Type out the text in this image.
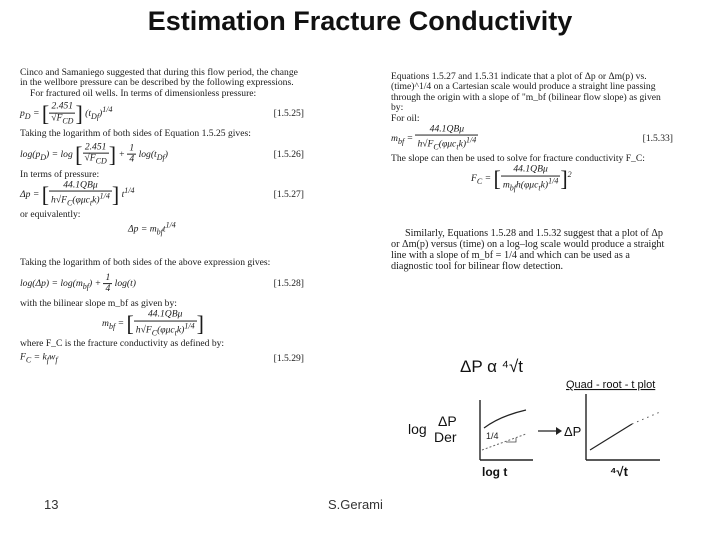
Estimation Fracture Conductivity
Cinco and Samaniego suggested that during this flow period, the change in the wellbore pressure can be described by the following expressions.
For fractured oil wells. In terms of dimensionless pressure:
$p_D$ = [ $\frac{2.451}{√F_{CD}}$ ] $(t_{Df})^{1/4}$	[1.5.25]
Taking the logarithm of both sides of Equation 1.5.25 gives:
$\log(p_D) = \log$ [ $\frac{2.451}{√F_{CD}}$ ] + $\frac{1}{4} \log(t_{Df})$	[1.5.26]
In terms of pressure:
Δp = [ $\frac{\text{44.1QBμ}}{h√F_C(\varphi\mu c_tk)^{1/4}}$ ] $t^{1/4}$	[1.5.27]
or equivalently:
$\Delta p = m_{bf}t^{1/4}$
Taking the logarithm of both sides of the above expression gives:
$\log(\Delta p) = \log(m_{bf}) + \frac{1}{4} \log(t)$	[1.5.28]
with the bilinear slope m_bf as given by:
$m_{bf}$ = [ $\frac{\text{44.1QBμ}}{h√F_C(\varphi\mu c_tk)^{1/4}}$ ]
where F_C is the fracture conductivity as defined by:
$F_C = k_fw_f$	[1.5.29]
Equations 1.5.27 and 1.5.31 indicate that a plot of Δp or Δm(p) vs. (time)^1/4 on a Cartesian scale would produce a straight line passing through the origin with a slope of "m_bf (bilinear flow slope) as given by:
For oil:
$m_{bf} = \frac{\text{44.1QBμ}}{h√F_C(\varphi\mu c_tk)^{1/4}}$	[1.5.33]
The slope can then be used to solve for fracture conductivity F_C:
$F_C$ = [ $\frac{\text{44.1QBμ}}{m_{bf}h(\varphi\mu c_tk)^{1/4}} ]^2$
Similarly, Equations 1.5.28 and 1.5.32 suggest that a plot of Δp or Δm(p) versus (time) on a log–log scale would produce a straight line with a slope of m_bf = 1/4 and which can be used as a diagnostic tool for bilinear flow detection.
ΔP α ⁴√t
Quad - root - t plot
1/4
log ΔP
Der
log t
ΔP
⁴√t
13	S.Gerami
